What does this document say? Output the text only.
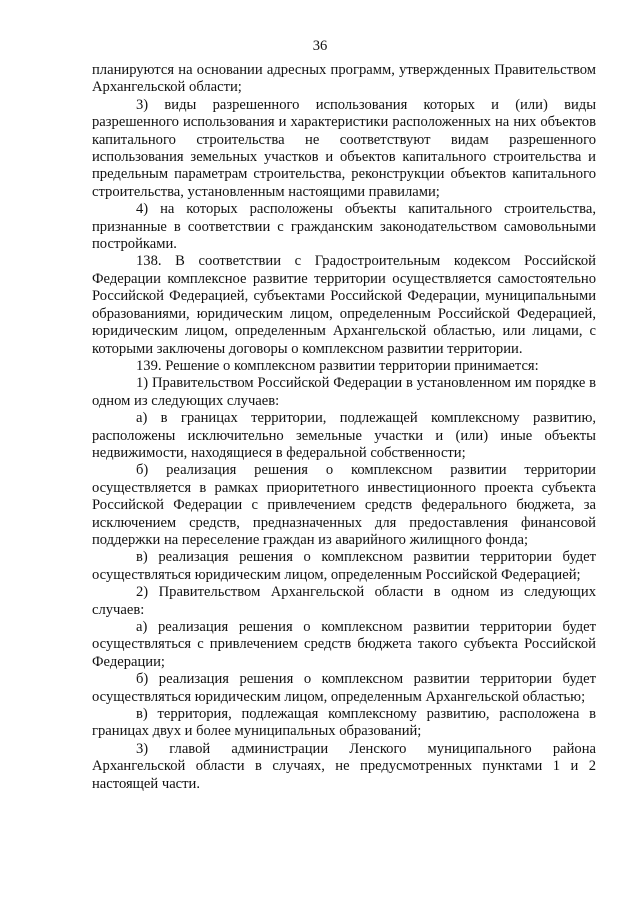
36

планируются на основании адресных программ, утвержденных Правительством Архангельской области;

3) виды разрешенного использования которых и (или) виды разрешенного использования и характеристики расположенных на них объектов капитального строительства не соответствуют видам разрешенного использования земельных участков и объектов капитального строительства и предельным параметрам строительства, реконструкции объектов капитального строительства, установленным настоящими правилами;

4) на которых расположены объекты капитального строительства, признанные в соответствии с гражданским законодательством самовольными постройками.

138. В соответствии с Градостроительным кодексом Российской Федерации комплексное развитие территории осуществляется самостоятельно Российской Федерацией, субъектами Российской Федерации, муниципальными образованиями, юридическим лицом, определенным Российской Федерацией, юридическим лицом, определенным Архангельской областью, или лицами, с которыми заключены договоры о комплексном развитии территории.

139. Решение о комплексном развитии территории принимается:

1) Правительством Российской Федерации в установленном им порядке в одном из следующих случаев:

а) в границах территории, подлежащей комплексному развитию, расположены исключительно земельные участки и (или) иные объекты недвижимости, находящиеся в федеральной собственности;

б) реализация решения о комплексном развитии территории осуществляется в рамках приоритетного инвестиционного проекта субъекта Российской Федерации с привлечением средств федерального бюджета, за исключением средств, предназначенных для предоставления финансовой поддержки на переселение граждан из аварийного жилищного фонда;

в) реализация решения о комплексном развитии территории будет осуществляться юридическим лицом, определенным Российской Федерацией;

2) Правительством Архангельской области в одном из следующих случаев:

а) реализация решения о комплексном развитии территории будет осуществляться с привлечением средств бюджета такого субъекта Российской Федерации;

б) реализация решения о комплексном развитии территории будет осуществляться юридическим лицом, определенным Архангельской областью;

в) территория, подлежащая комплексному развитию, расположена в границах двух и более муниципальных образований;

3) главой администрации Ленского муниципального района Архангельской области в случаях, не предусмотренных пунктами 1 и 2 настоящей части.
